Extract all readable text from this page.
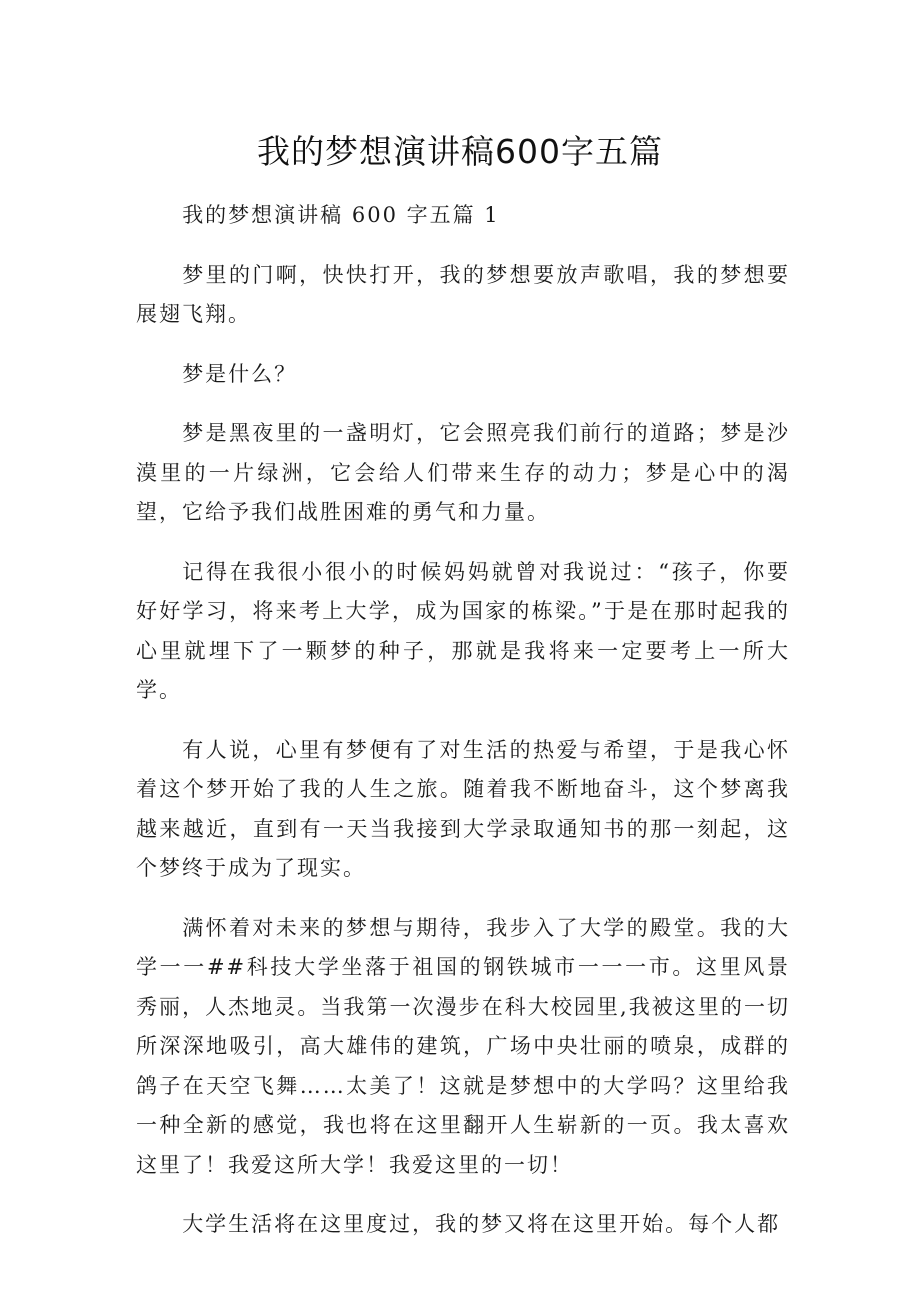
我的梦想演讲稿600字五篇

我的梦想演讲稿 600 字五篇 1

梦里的门啊，快快打开，我的梦想要放声歌唱，我的梦想要展翅飞翔。

梦是什么？

梦是黑夜里的一盏明灯，它会照亮我们前行的道路；梦是沙漠里的一片绿洲，它会给人们带来生存的动力；梦是心中的渴望，它给予我们战胜困难的勇气和力量。

记得在我很小很小的时候妈妈就曾对我说过：“孩子，你要好好学习，将来考上大学，成为国家的栋梁。”于是在那时起我的心里就埋下了一颗梦的种子，那就是我将来一定要考上一所大学。

有人说，心里有梦便有了对生活的热爱与希望，于是我心怀着这个梦开始了我的人生之旅。随着我不断地奋斗，这个梦离我越来越近，直到有一天当我接到大学录取通知书的那一刻起，这个梦终于成为了现实。

满怀着对未来的梦想与期待，我步入了大学的殿堂。我的大学一一##科技大学坐落于祖国的钢铁城市一一一市。这里风景秀丽，人杰地灵。当我第一次漫步在科大校园里,我被这里的一切所深深地吸引，高大雄伟的建筑，广场中央壮丽的喷泉，成群的鸽子在天空飞舞……太美了！这就是梦想中的大学吗？这里给我一种全新的感觉，我也将在这里翻开人生崭新的一页。我太喜欢这里了！我爱这所大学！我爱这里的一切！

大学生活将在这里度过，我的梦又将在这里开始。每个人都
